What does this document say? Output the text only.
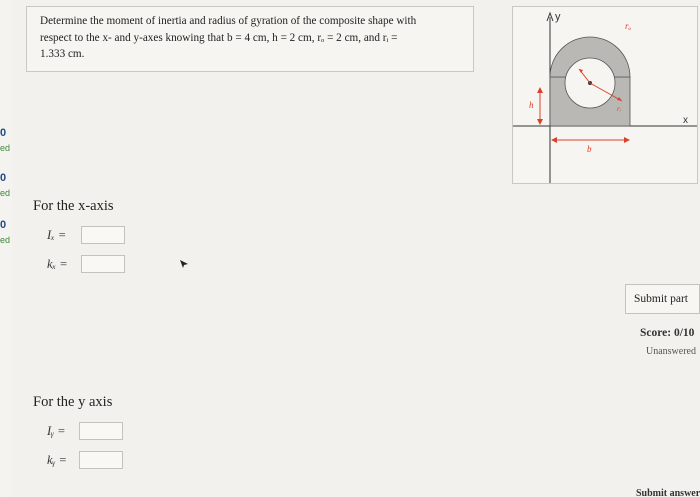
0
ed
0
ed
0
ed
Determine the moment of inertia and radius of gyration of the composite shape with
respect to the x- and y-axes knowing that b = 4 cm, h = 2 cm, rₒ = 2 cm, and rᵢ =
1.333 cm.
y
x
rₒ
rᵢ
h
b
For the x-axis
Iₓ =
kₓ =
For the y axis
Iᵧ =
kᵧ =
Submit part
Score: 0/10
Unanswered
Submit answer
